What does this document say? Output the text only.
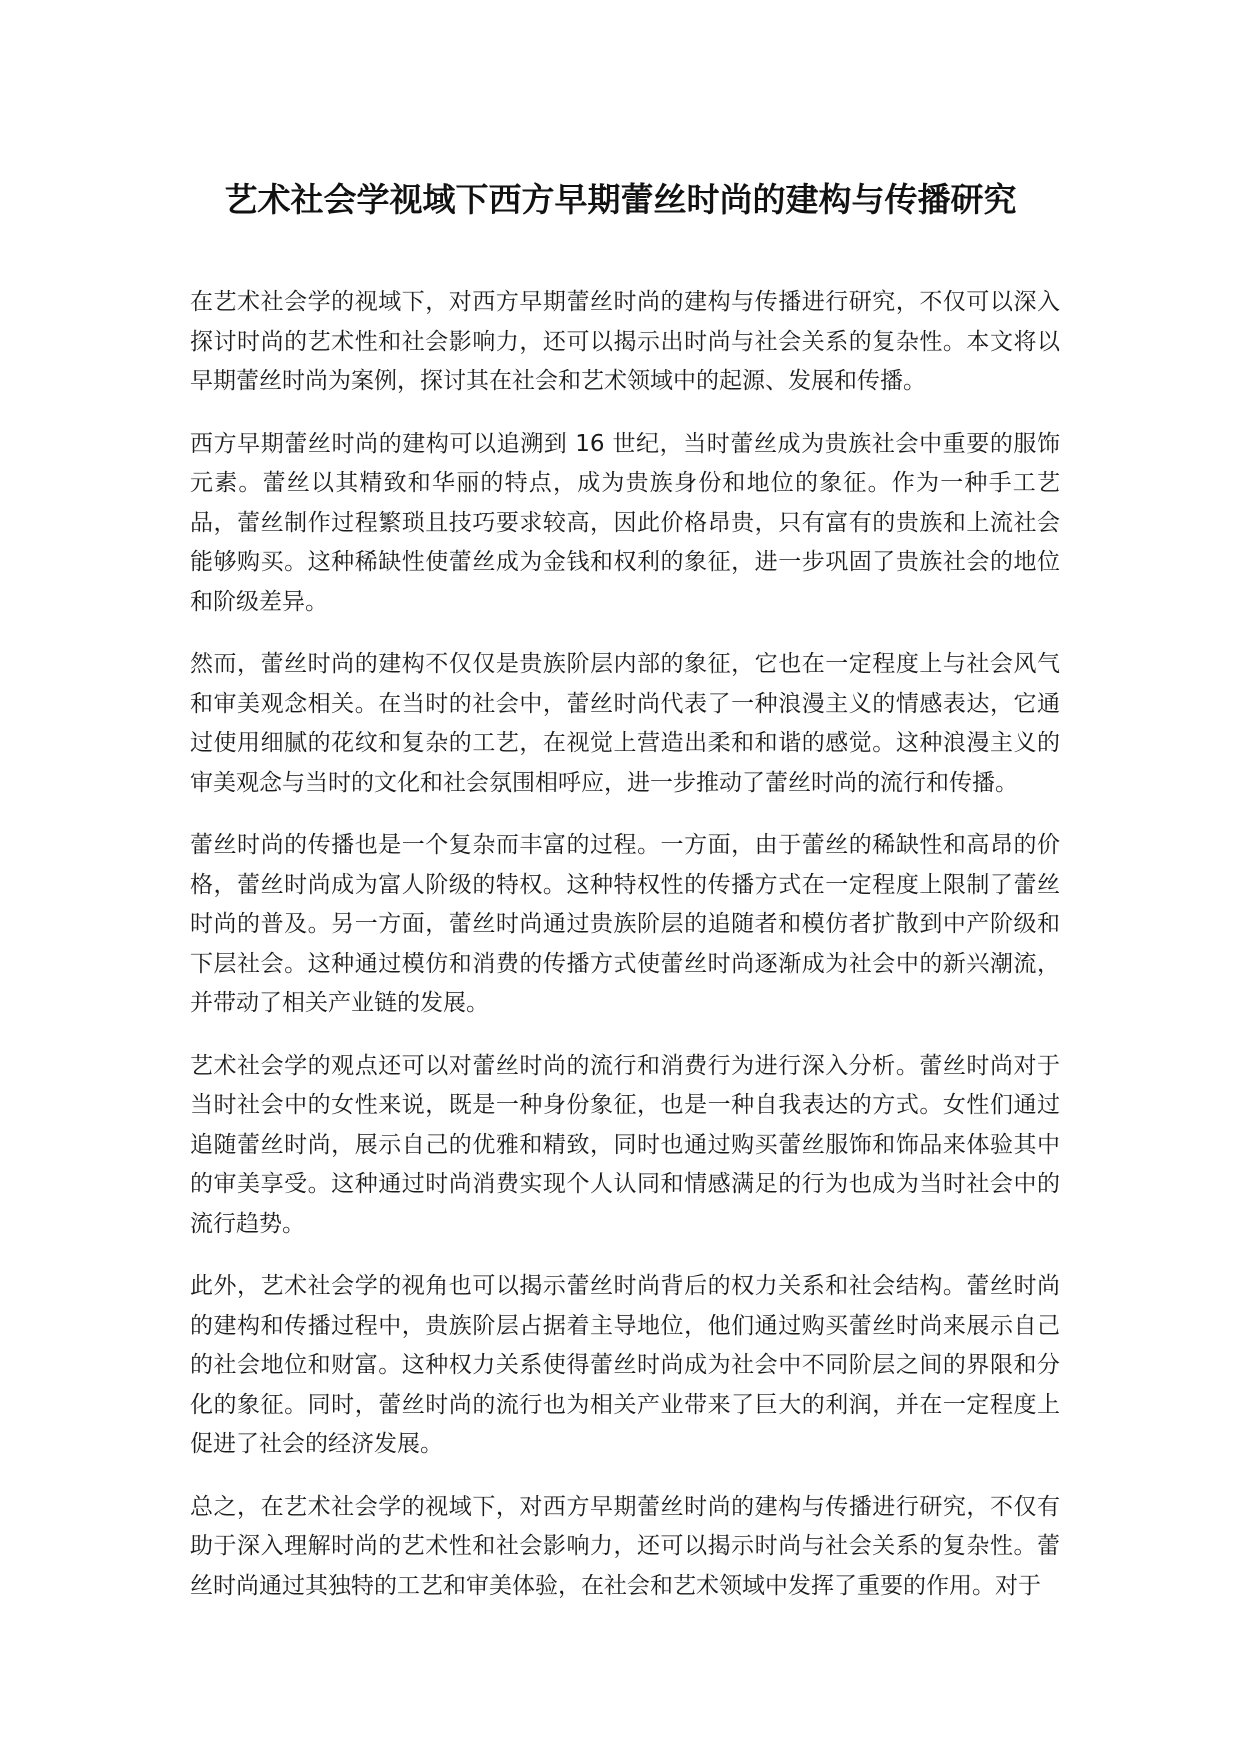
艺术社会学视域下西方早期蕾丝时尚的建构与传播研究

在艺术社会学的视域下，对西方早期蕾丝时尚的建构与传播进行研究，不仅可以深入探讨时尚的艺术性和社会影响力，还可以揭示出时尚与社会关系的复杂性。本文将以早期蕾丝时尚为案例，探讨其在社会和艺术领域中的起源、发展和传播。

西方早期蕾丝时尚的建构可以追溯到 16 世纪，当时蕾丝成为贵族社会中重要的服饰元素。蕾丝以其精致和华丽的特点，成为贵族身份和地位的象征。作为一种手工艺品，蕾丝制作过程繁琐且技巧要求较高，因此价格昂贵，只有富有的贵族和上流社会能够购买。这种稀缺性使蕾丝成为金钱和权利的象征，进一步巩固了贵族社会的地位和阶级差异。

然而，蕾丝时尚的建构不仅仅是贵族阶层内部的象征，它也在一定程度上与社会风气和审美观念相关。在当时的社会中，蕾丝时尚代表了一种浪漫主义的情感表达，它通过使用细腻的花纹和复杂的工艺，在视觉上营造出柔和和谐的感觉。这种浪漫主义的审美观念与当时的文化和社会氛围相呼应，进一步推动了蕾丝时尚的流行和传播。

蕾丝时尚的传播也是一个复杂而丰富的过程。一方面，由于蕾丝的稀缺性和高昂的价格，蕾丝时尚成为富人阶级的特权。这种特权性的传播方式在一定程度上限制了蕾丝时尚的普及。另一方面，蕾丝时尚通过贵族阶层的追随者和模仿者扩散到中产阶级和下层社会。这种通过模仿和消费的传播方式使蕾丝时尚逐渐成为社会中的新兴潮流，并带动了相关产业链的发展。

艺术社会学的观点还可以对蕾丝时尚的流行和消费行为进行深入分析。蕾丝时尚对于当时社会中的女性来说，既是一种身份象征，也是一种自我表达的方式。女性们通过追随蕾丝时尚，展示自己的优雅和精致，同时也通过购买蕾丝服饰和饰品来体验其中的审美享受。这种通过时尚消费实现个人认同和情感满足的行为也成为当时社会中的流行趋势。

此外，艺术社会学的视角也可以揭示蕾丝时尚背后的权力关系和社会结构。蕾丝时尚的建构和传播过程中，贵族阶层占据着主导地位，他们通过购买蕾丝时尚来展示自己的社会地位和财富。这种权力关系使得蕾丝时尚成为社会中不同阶层之间的界限和分化的象征。同时，蕾丝时尚的流行也为相关产业带来了巨大的利润，并在一定程度上促进了社会的经济发展。

总之，在艺术社会学的视域下，对西方早期蕾丝时尚的建构与传播进行研究，不仅有助于深入理解时尚的艺术性和社会影响力，还可以揭示时尚与社会关系的复杂性。蕾丝时尚通过其独特的工艺和审美体验，在社会和艺术领域中发挥了重要的作用。对于
